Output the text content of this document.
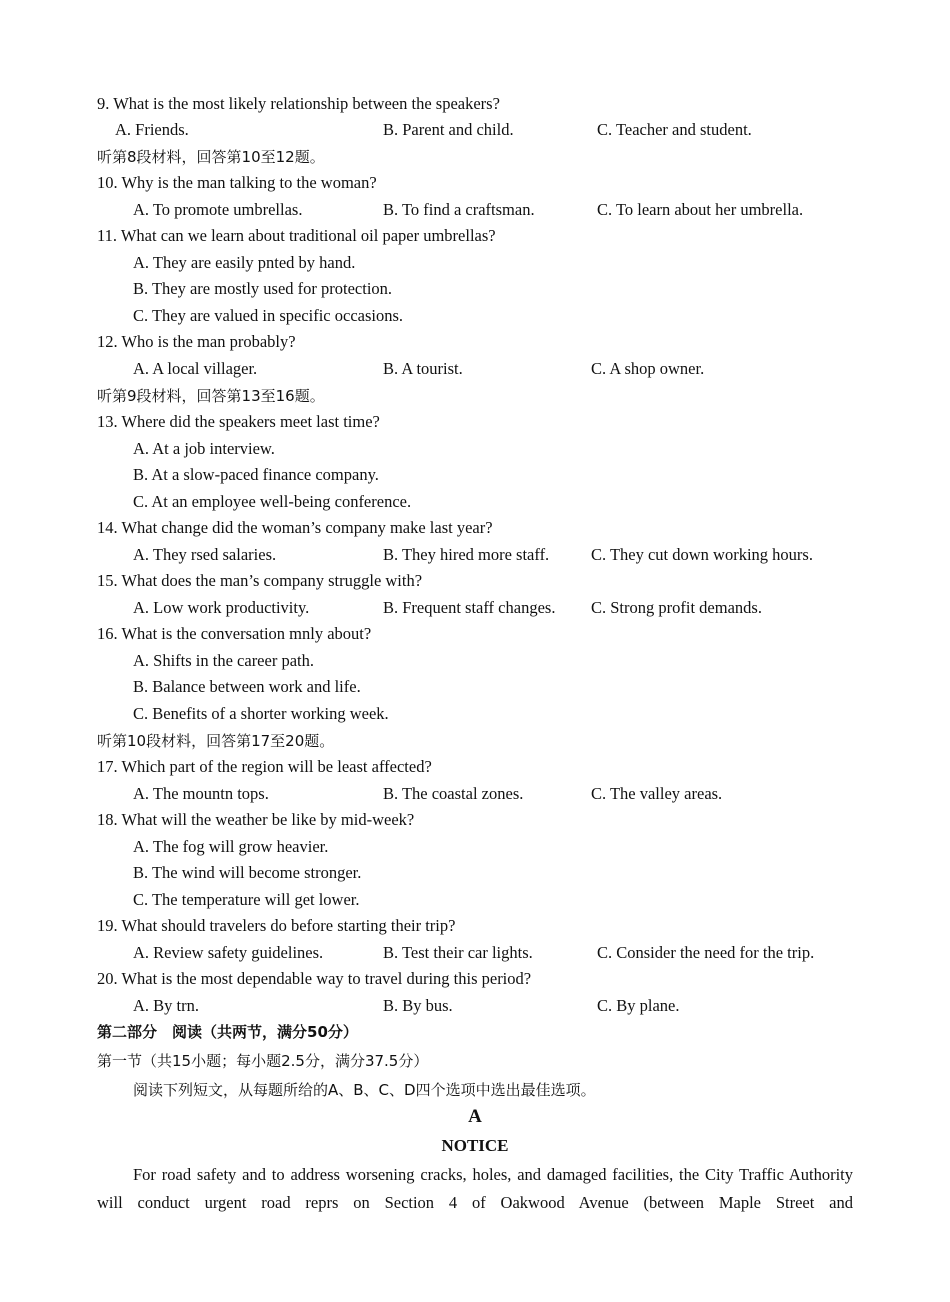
9. What is the most likely relationship between the speakers?
A. Friends.	B. Parent and child.	C. Teacher and student.
听第8段材料，回答第10至12题。
10. Why is the man talking to the woman?
A. To promote umbrellas.	B. To find a craftsman.	C. To learn about her umbrella.
11. What can we learn about traditional oil paper umbrellas?
A. They are easily pnted by hand.
B. They are mostly used for protection.
C. They are valued in specific occasions.
12. Who is the man probably?
A. A local villager.	B. A tourist.	C. A shop owner.
听第9段材料，回答第13至16题。
13. Where did the speakers meet last time?
A. At a job interview.
B. At a slow-paced finance company.
C. At an employee well-being conference.
14. What change did the woman’s company make last year?
A. They rsed salaries.	B. They hired more staff.	C. They cut down working hours.
15. What does the man’s company struggle with?
A. Low work productivity.	B. Frequent staff changes. C. Strong profit demands.
16. What is the conversation mnly about?
A. Shifts in the career path.
B. Balance between work and life.
C. Benefits of a shorter working week.
听第10段材料，回答第17至20题。
17. Which part of the region will be least affected?
A. The mountn tops.	B. The coastal zones.	C. The valley areas.
18. What will the weather be like by mid-week?
A. The fog will grow heavier.
B. The wind will become stronger.
C. The temperature will get lower.
19. What should travelers do before starting their trip?
A. Review safety guidelines.	B. Test their car lights.	C. Consider the need for the trip.
20. What is the most dependable way to travel during this period?
A. By trn.	B. By bus.	C. By plane.
第二部分　阅读（共两节，满分50分）
第一节（共15小题；每小题2.5分，满分37.5分）
阅读下列短文，从每题所给的A、B、C、D四个选项中选出最佳选项。
A
NOTICE
For road safety and to address worsening cracks, holes, and damaged facilities, the City Traffic Authority will conduct urgent road reprs on Section 4 of Oakwood Avenue (between Maple Street and
